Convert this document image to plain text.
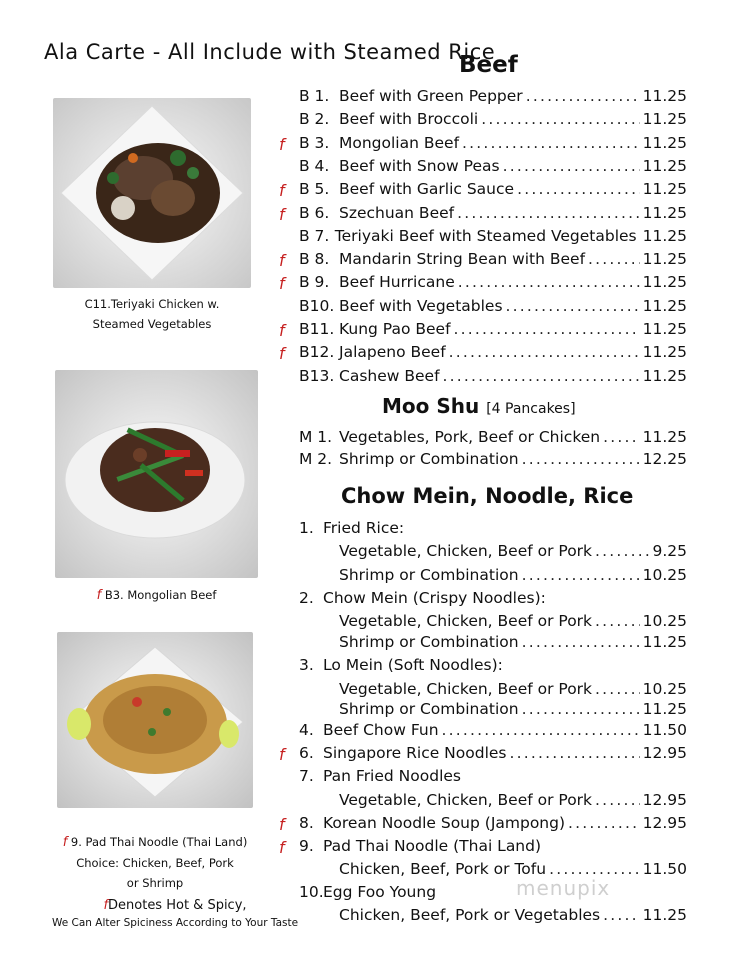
Ala Carte - All Include with Steamed Rice
Beef
Moo Shu [4 Pancakes]
Chow Mein, Noodle, Rice
B 1. Beef with Green Pepper .....	11.25
B 2. Beef with Broccoli .....	11.25
f B 3. Mongolian Beef .....	11.25
B 4. Beef with Snow Peas .....	11.25
f B 5. Beef with Garlic Sauce .....	11.25
f B 6. Szechuan Beef .....	11.25
B 7. Teriyaki Beef with Steamed Vegetables 11.25
f B 8. Mandarin String Bean with Beef .....	11.25
f B 9. Beef Hurricane .....	11.25
B10. Beef with Vegetables .....	11.25
f B11. Kung Pao Beef .....	11.25
f B12. Jalapeno Beef .....	11.25
B13. Cashew Beef .....	11.25
M 1. Vegetables, Pork, Beef or Chicken .....	11.25
M 2. Shrimp or Combination .....	12.25
1. Fried Rice:
Vegetable, Chicken, Beef or Pork .....	9.25
Shrimp or Combination .....	10.25
2. Chow Mein (Crispy Noodles):
Vegetable, Chicken, Beef or Pork .....	10.25
Shrimp or Combination .....	11.25
3. Lo Mein (Soft Noodles):
Vegetable, Chicken, Beef or Pork .....	10.25
Shrimp or Combination .....	11.25
4. Beef Chow Fun .....	11.50
f 6. Singapore Rice Noodles .....	12.95
7. Pan Fried Noodles
Vegetable, Chicken, Beef or Pork .....	12.95
f 8. Korean Noodle Soup (Jampong) .....	12.95
f 9. Pad Thai Noodle (Thai Land)
Chicken, Beef, Pork or Tofu .....	11.50
10. Egg Foo Young
Chicken, Beef, Pork or Vegetables .....	11.25
C11.Teriyaki Chicken w.
Steamed Vegetables
f B3. Mongolian Beef
f 9. Pad Thai Noodle (Thai Land)
Choice: Chicken, Beef, Pork
or Shrimp
fDenotes Hot & Spicy,
We Can Alter Spiciness According to Your Taste
menupix
